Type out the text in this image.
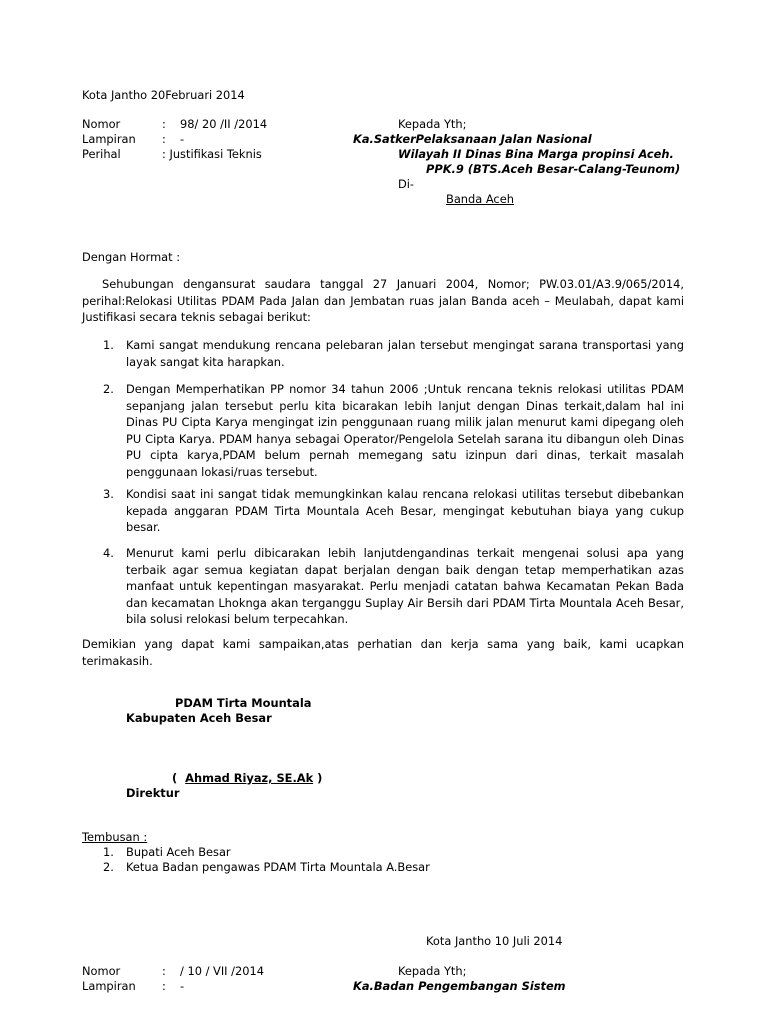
Kota Jantho 20Februari 2014
Nomor	: 98/ 20 /II /2014
Lampiran : -
Perihal	: Justifikasi Teknis
Kepada Yth;
Ka.SatkerPelaksanaan Jalan Nasional
Wilayah II Dinas Bina Marga propinsi Aceh.
PPK.9 (BTS.Aceh Besar-Calang-Teunom)
Di-
Banda Aceh
Dengan Hormat :
Sehubungan dengansurat saudara tanggal 27 Januari 2004, Nomor; PW.03.01/A3.9/065/2014, perihal:Relokasi Utilitas PDAM Pada Jalan dan Jembatan ruas jalan Banda aceh – Meulabah, dapat kami Justifikasi secara teknis sebagai berikut:
1. Kami sangat mendukung rencana pelebaran jalan tersebut mengingat sarana transportasi yang layak sangat kita harapkan.
2. Dengan Memperhatikan PP nomor 34 tahun 2006 ;Untuk rencana teknis relokasi utilitas PDAM sepanjang jalan tersebut perlu kita bicarakan lebih lanjut dengan Dinas terkait,dalam hal ini Dinas PU Cipta Karya mengingat izin penggunaan ruang milik jalan menurut kami dipegang oleh PU Cipta Karya. PDAM hanya sebagai Operator/Pengelola Setelah sarana itu dibangun oleh Dinas PU cipta karya,PDAM belum pernah memegang satu izinpun dari dinas, terkait masalah penggunaan lokasi/ruas tersebut.
3. Kondisi saat ini sangat tidak memungkinkan kalau rencana relokasi utilitas tersebut dibebankan kepada anggaran PDAM Tirta Mountala Aceh Besar, mengingat kebutuhan biaya yang cukup besar.
4. Menurut kami perlu dibicarakan lebih lanjutdengandinas terkait mengenai solusi apa yang terbaik agar semua kegiatan dapat berjalan dengan baik dengan tetap memperhatikan azas manfaat untuk kepentingan masyarakat. Perlu menjadi catatan bahwa Kecamatan Pekan Bada dan kecamatan Lhoknga akan terganggu Suplay Air Bersih dari PDAM Tirta Mountala Aceh Besar, bila solusi relokasi belum terpecahkan.
Demikian yang dapat kami sampaikan,atas perhatian dan kerja sama yang baik, kami ucapkan terimakasih.
PDAM Tirta Mountala
Kabupaten Aceh Besar
( Ahmad Riyaz, SE.Ak )
Direktur
Tembusan :
1. Bupati Aceh Besar
2. Ketua Badan pengawas PDAM Tirta Mountala A.Besar
Kota Jantho 10 Juli 2014
Nomor	: / 10 / VII /2014
Lampiran : -
Kepada Yth;
Ka.Badan Pengembangan Sistem
